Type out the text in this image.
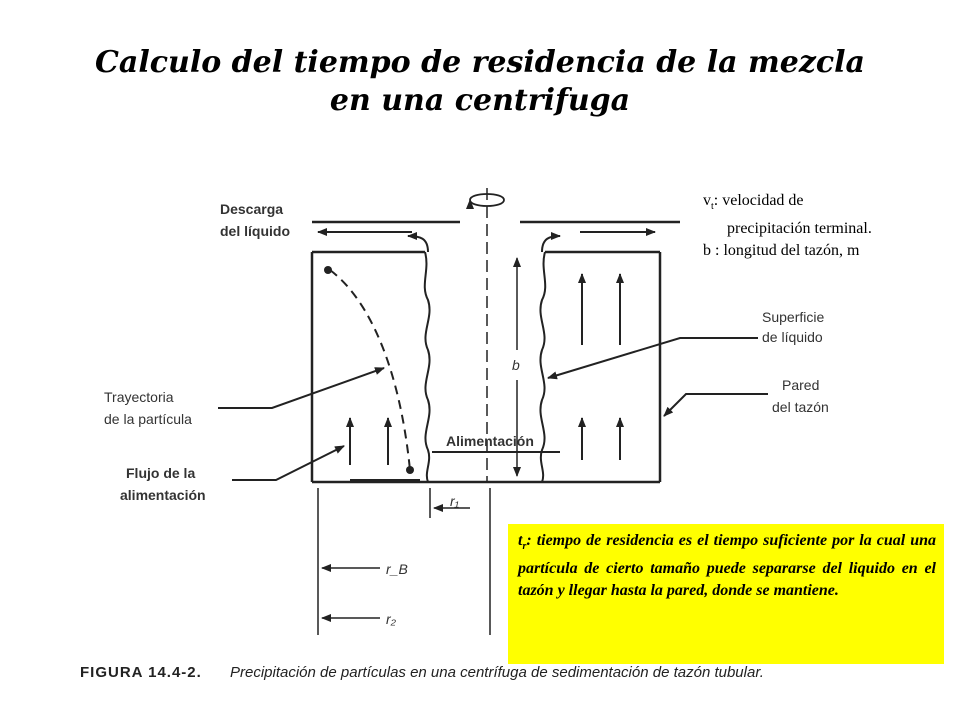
Calculo del tiempo de residencia de la mezcla
en una centrifuga
b
Alimentación
r₁
r_B
r₂
Descarga
del líquido
Superficie
de líquido
Trayectoria
de la partícula
Pared
del tazón
Flujo de la
alimentación
$v_t$: velocidad de
precipitación terminal.
b : longitud del tazón, m

$t_r$: tiempo de residencia es el tiempo suficiente por la cual una partícula de cierto tamaño puede separarse del liquido en el tazón y llegar hasta la pared, donde se mantiene.

FIGURA 14.4-2. Precipitación de partículas en una centrífuga de sedimentación de tazón tubular.
